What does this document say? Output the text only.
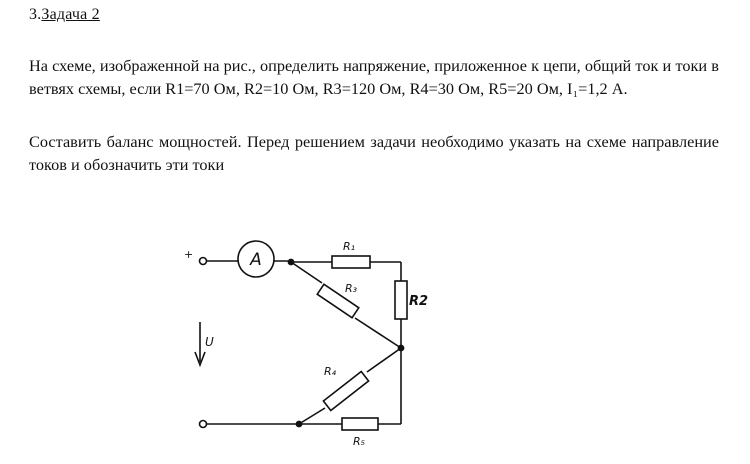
3.Задача 2

На схеме, изображенной на рис., определить напряжение, приложенное к цепи, общий ток и токи в ветвях схемы, если R1=70 Ом, R2=10 Ом, R3=120 Ом, R4=30 Ом, R5=20 Ом, I₁=1,2 А.

Составить баланс мощностей. Перед решением задачи необходимо указать на схеме направление токов и обозначить эти токи

+	A
U
R₁
R2
R₃
R₄
R₅
